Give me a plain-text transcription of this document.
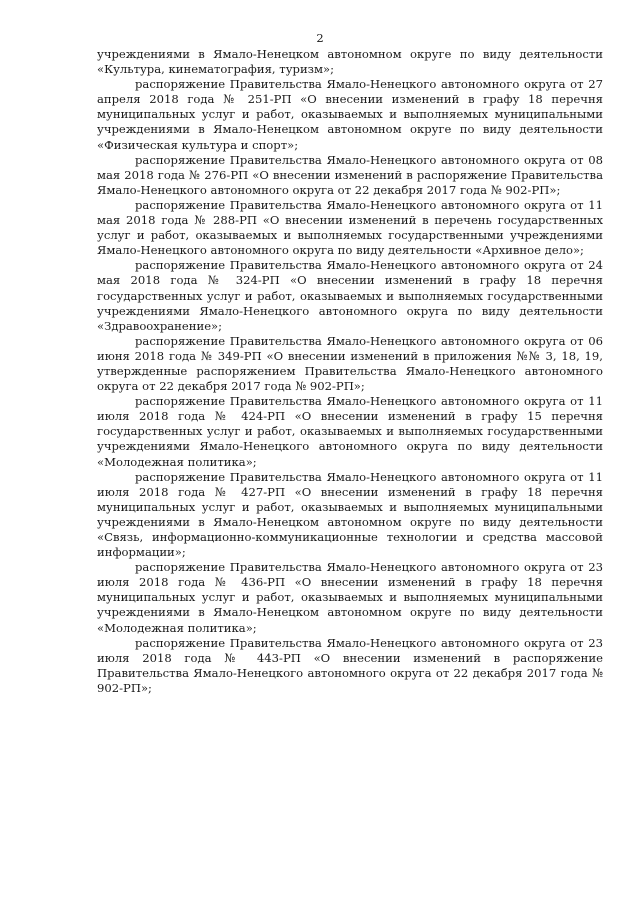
2

учреждениями в Ямало-Ненецком автономном округе по виду деятельности «Культура, кинематография, туризм»;

распоряжение Правительства Ямало-Ненецкого автономного округа от 27 апреля 2018 года № 251-РП «О внесении изменений в графу 18 перечня муниципальных услуг и работ, оказываемых и выполняемых муниципальными учреждениями в Ямало-Ненецком автономном округе по виду деятельности «Физическая культура и спорт»;

распоряжение Правительства Ямало-Ненецкого автономного округа от 08 мая 2018 года № 276-РП «О внесении изменений в распоряжение Правительства Ямало-Ненецкого автономного округа от 22 декабря 2017 года № 902-РП»;

распоряжение Правительства Ямало-Ненецкого автономного округа от 11 мая 2018 года № 288-РП «О внесении изменений в перечень государственных услуг и работ, оказываемых и выполняемых государственными учреждениями Ямало-Ненецкого автономного округа по виду деятельности «Архивное дело»;

распоряжение Правительства Ямало-Ненецкого автономного округа от 24 мая 2018 года № 324-РП «О внесении изменений в графу 18 перечня государственных услуг и работ, оказываемых и выполняемых государственными учреждениями Ямало-Ненецкого автономного округа по виду деятельности «Здравоохранение»;

распоряжение Правительства Ямало-Ненецкого автономного округа от 06 июня 2018 года № 349-РП «О внесении изменений в приложения №№ 3, 18, 19, утвержденные распоряжением Правительства Ямало-Ненецкого автономного округа от 22 декабря 2017 года № 902-РП»;

распоряжение Правительства Ямало-Ненецкого автономного округа от 11 июля 2018 года № 424-РП «О внесении изменений в графу 15 перечня государственных услуг и работ, оказываемых и выполняемых государственными учреждениями Ямало-Ненецкого автономного округа по виду деятельности «Молодежная политика»;

распоряжение Правительства Ямало-Ненецкого автономного округа от 11 июля 2018 года № 427-РП «О внесении изменений в графу 18 перечня муниципальных услуг и работ, оказываемых и выполняемых муниципальными учреждениями в Ямало-Ненецком автономном округе по виду деятельности «Связь, информационно-коммуникационные технологии и средства массовой информации»;

распоряжение Правительства Ямало-Ненецкого автономного округа от 23 июля 2018 года № 436-РП «О внесении изменений в графу 18 перечня муниципальных услуг и работ, оказываемых и выполняемых муниципальными учреждениями в Ямало-Ненецком автономном округе по виду деятельности «Молодежная политика»;

распоряжение Правительства Ямало-Ненецкого автономного округа от 23 июля 2018 года № 443-РП «О внесении изменений в распоряжение Правительства Ямало-Ненецкого автономного округа от 22 декабря 2017 года № 902-РП»;
